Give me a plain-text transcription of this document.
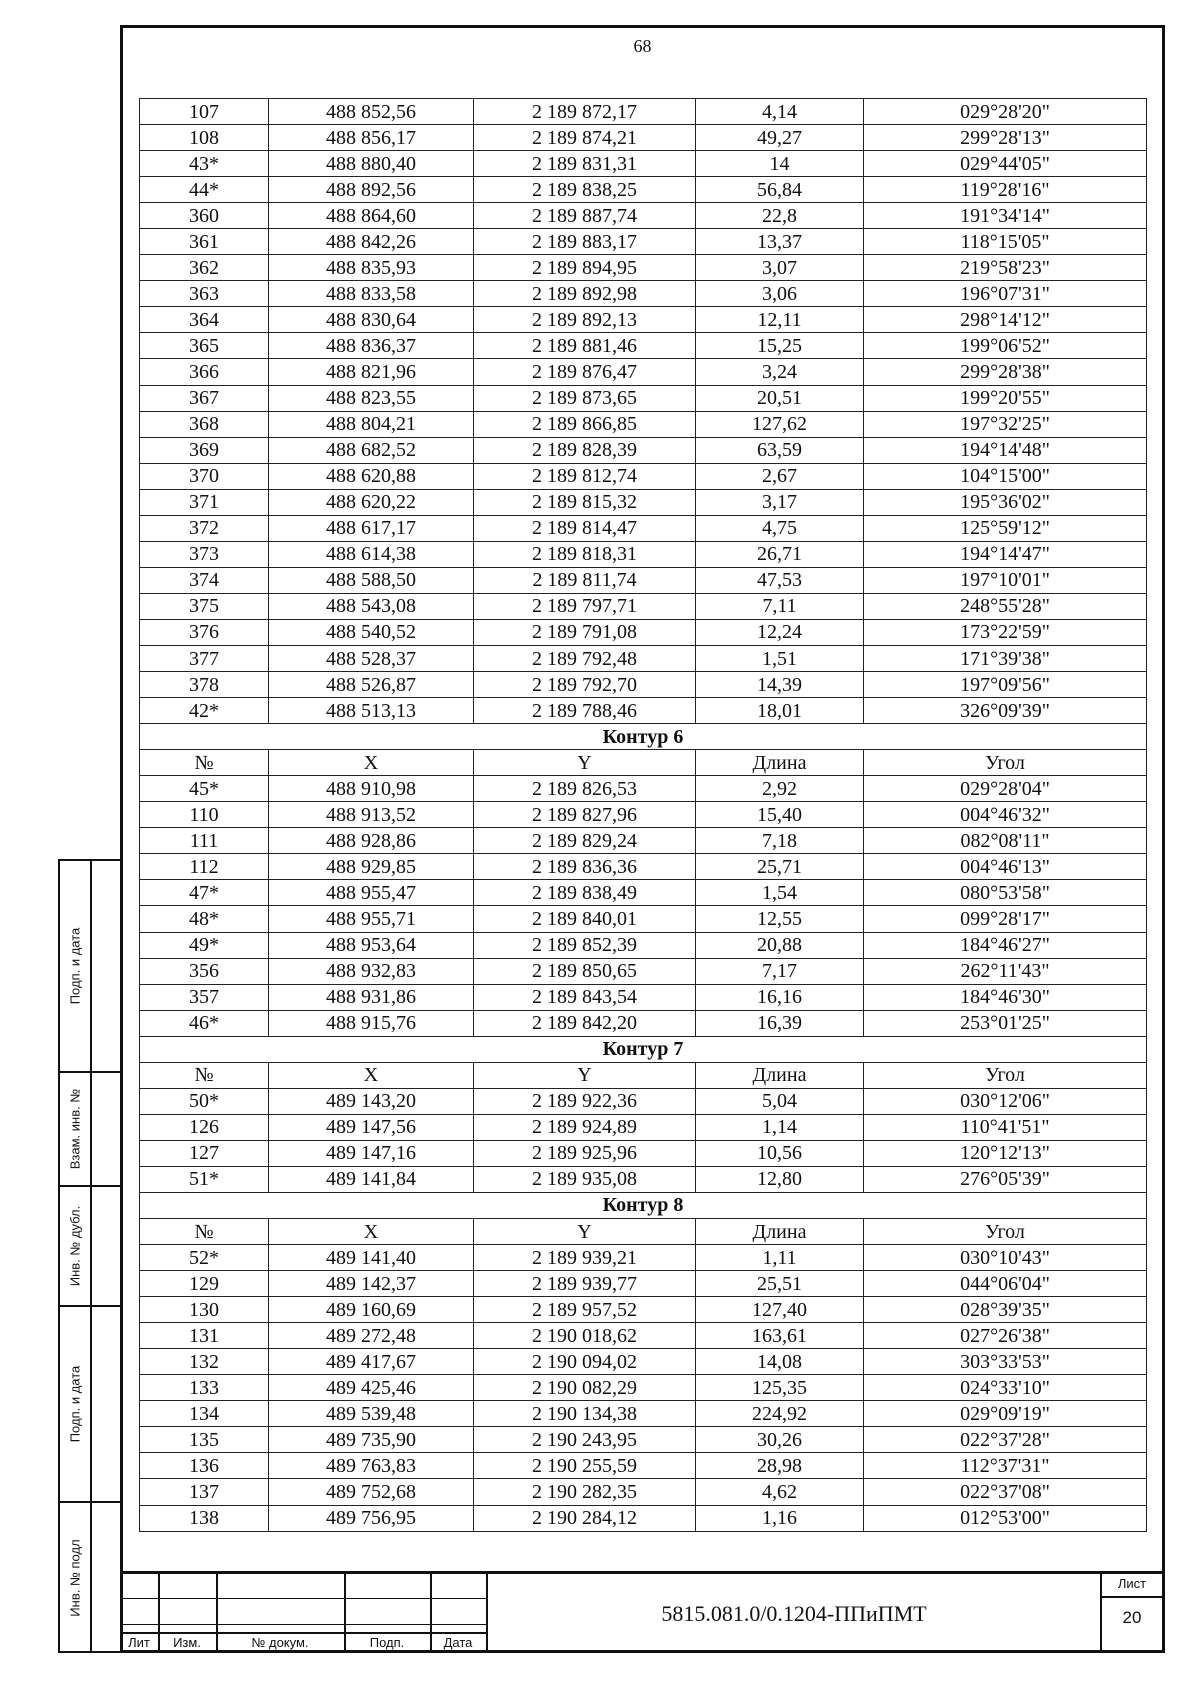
68
107	488 852,56	2 189 872,17	4,14	029°28'20"
108	488 856,17	2 189 874,21	49,27	299°28'13"
43*	488 880,40	2 189 831,31	14	029°44'05"
44*	488 892,56	2 189 838,25	56,84	119°28'16"
360	488 864,60	2 189 887,74	22,8	191°34'14"
361	488 842,26	2 189 883,17	13,37	118°15'05"
362	488 835,93	2 189 894,95	3,07	219°58'23"
363	488 833,58	2 189 892,98	3,06	196°07'31"
364	488 830,64	2 189 892,13	12,11	298°14'12"
365	488 836,37	2 189 881,46	15,25	199°06'52"
366	488 821,96	2 189 876,47	3,24	299°28'38"
367	488 823,55	2 189 873,65	20,51	199°20'55"
368	488 804,21	2 189 866,85	127,62	197°32'25"
369	488 682,52	2 189 828,39	63,59	194°14'48"
370	488 620,88	2 189 812,74	2,67	104°15'00"
371	488 620,22	2 189 815,32	3,17	195°36'02"
372	488 617,17	2 189 814,47	4,75	125°59'12"
373	488 614,38	2 189 818,31	26,71	194°14'47"
374	488 588,50	2 189 811,74	47,53	197°10'01"
375	488 543,08	2 189 797,71	7,11	248°55'28"
376	488 540,52	2 189 791,08	12,24	173°22'59"
377	488 528,37	2 189 792,48	1,51	171°39'38"
378	488 526,87	2 189 792,70	14,39	197°09'56"
42*	488 513,13	2 189 788,46	18,01	326°09'39"
Контур 6				
№	X	Y	Длина	Угол
45*	488 910,98	2 189 826,53	2,92	029°28'04"
110	488 913,52	2 189 827,96	15,40	004°46'32"
111	488 928,86	2 189 829,24	7,18	082°08'11"
112	488 929,85	2 189 836,36	25,71	004°46'13"
47*	488 955,47	2 189 838,49	1,54	080°53'58"
48*	488 955,71	2 189 840,01	12,55	099°28'17"
49*	488 953,64	2 189 852,39	20,88	184°46'27"
356	488 932,83	2 189 850,65	7,17	262°11'43"
357	488 931,86	2 189 843,54	16,16	184°46'30"
46*	488 915,76	2 189 842,20	16,39	253°01'25"
Контур 7				
№	X	Y	Длина	Угол
50*	489 143,20	2 189 922,36	5,04	030°12'06"
126	489 147,56	2 189 924,89	1,14	110°41'51"
127	489 147,16	2 189 925,96	10,56	120°12'13"
51*	489 141,84	2 189 935,08	12,80	276°05'39"
Контур 8				
№	X	Y	Длина	Угол
52*	489 141,40	2 189 939,21	1,11	030°10'43"
129	489 142,37	2 189 939,77	25,51	044°06'04"
130	489 160,69	2 189 957,52	127,40	028°39'35"
131	489 272,48	2 190 018,62	163,61	027°26'38"
132	489 417,67	2 190 094,02	14,08	303°33'53"
133	489 425,46	2 190 082,29	125,35	024°33'10"
134	489 539,48	2 190 134,38	224,92	029°09'19"
135	489 735,90	2 190 243,95	30,26	022°37'28"
136	489 763,83	2 190 255,59	28,98	112°37'31"
137	489 752,68	2 190 282,35	4,62	022°37'08"
138	489 756,95	2 190 284,12	1,16	012°53'00"
Подп. и дата
Взам. инв. №
Инв. № дубл.
Подп. и дата
Инв. № подл
Лит	Изм.	№ докум.	Подп.	Дата
5815.081.0/0.1204-ППиПМТ
Лист
20
